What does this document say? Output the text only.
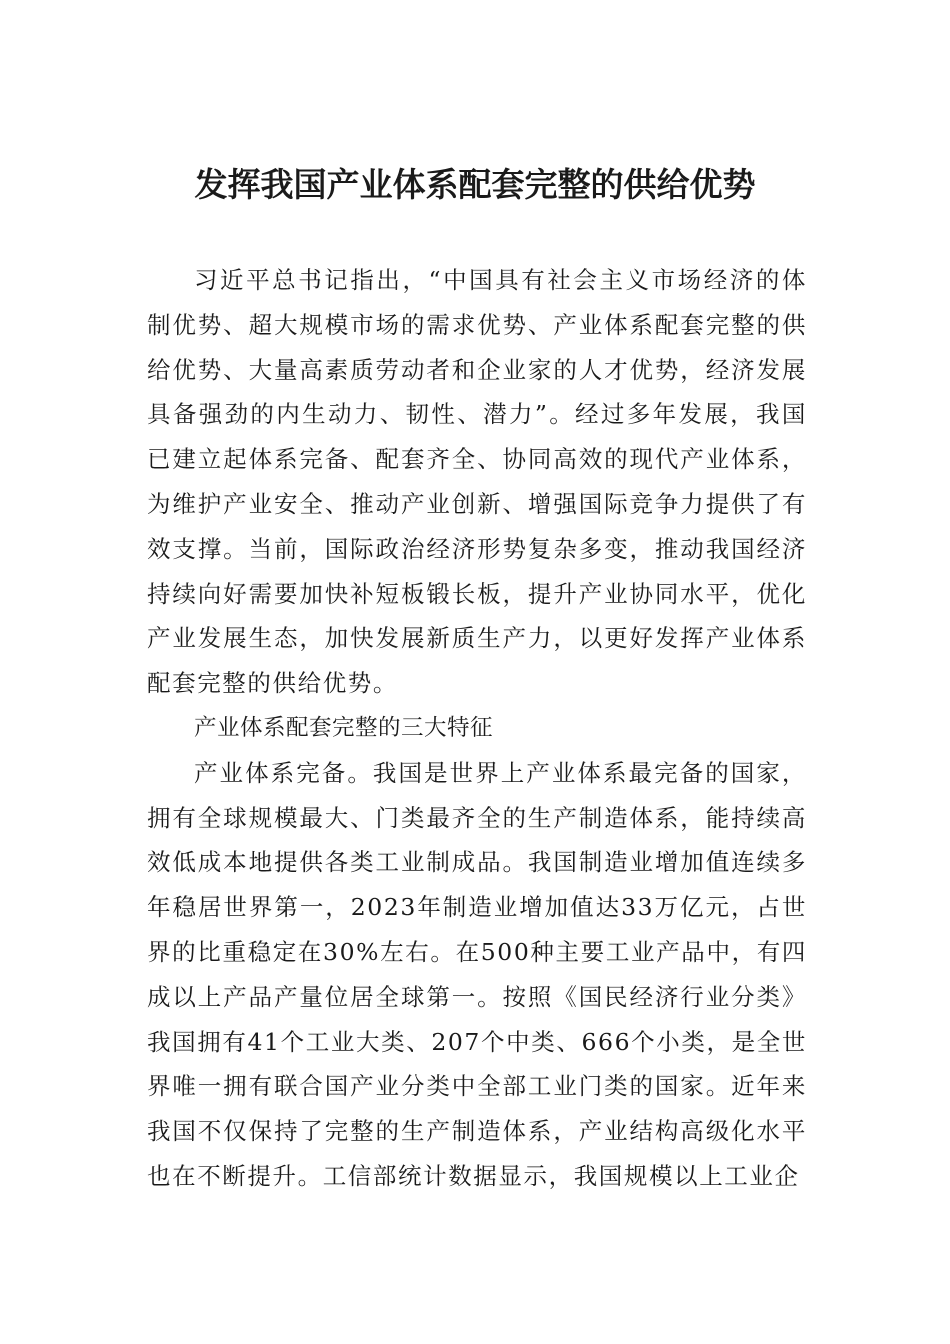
发挥我国产业体系配套完整的供给优势

习近平总书记指出，“中国具有社会主义市场经济的体制优势、超大规模市场的需求优势、产业体系配套完整的供给优势、大量高素质劳动者和企业家的人才优势，经济发展具备强劲的内生动力、韧性、潜力”。经过多年发展，我国已建立起体系完备、配套齐全、协同高效的现代产业体系，为维护产业安全、推动产业创新、增强国际竞争力提供了有效支撑。当前，国际政治经济形势复杂多变，推动我国经济持续向好需要加快补短板锻长板，提升产业协同水平，优化产业发展生态，加快发展新质生产力，以更好发挥产业体系配套完整的供给优势。

产业体系配套完整的三大特征

产业体系完备。我国是世界上产业体系最完备的国家，拥有全球规模最大、门类最齐全的生产制造体系，能持续高效低成本地提供各类工业制成品。我国制造业增加值连续多年稳居世界第一，2023年制造业增加值达33万亿元，占世界的比重稳定在30%左右。在500种主要工业产品中，有四成以上产品产量位居全球第一。按照《国民经济行业分类》我国拥有41个工业大类、207个中类、666个小类，是全世界唯一拥有联合国产业分类中全部工业门类的国家。近年来我国不仅保持了完整的生产制造体系，产业结构高级化水平也在不断提升。工信部统计数据显示，我国规模以上工业企
